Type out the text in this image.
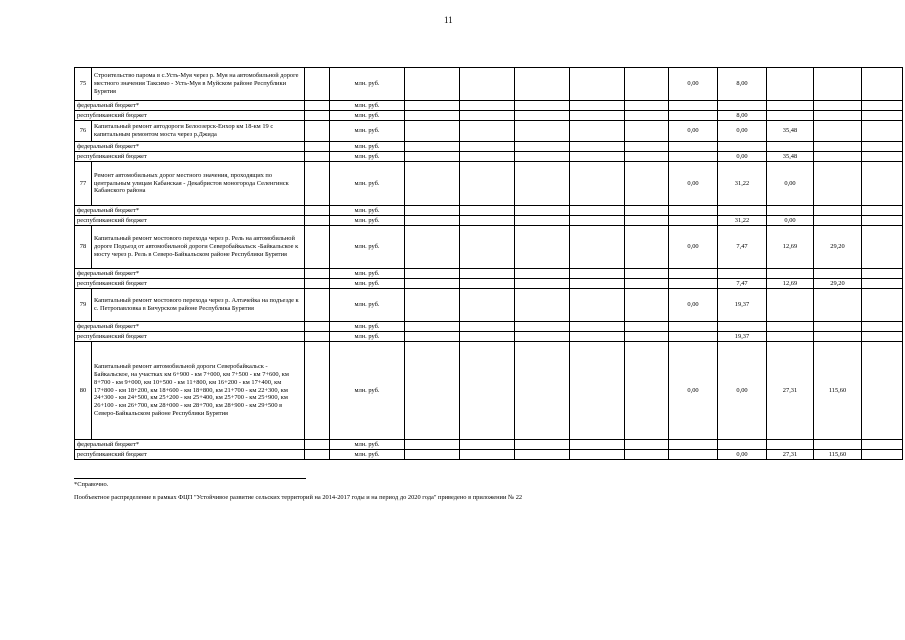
11
75	Строительство парома в с.Усть-Муя через р. Муя на автомобильной дороге местного значения Таксимо - Усть-Муя в Муйском районе Республики Бурятия		млн. руб.						0,00	8,00			
федеральный бюджет*			млн. руб.										
республиканский бюджет			млн. руб.							8,00			
76	Капитальный ремонт автодороги Белоозерск-Енхор км 18-км 19 с капитальным ремонтом моста через р.Джида		млн. руб.						0,00	0,00	35,48		
федеральный бюджет*			млн. руб.										
республиканский бюджет			млн. руб.							0,00	35,48		
77	Ремонт автомобильных дорог местного значения, проходящих по центральным улицам Кабанская - Декабристов моногорода Селенгинск Кабанского района		млн. руб.						0,00	31,22	0,00		
федеральный бюджет*			млн. руб.										
республиканский бюджет			млн. руб.							31,22	0,00		
78	Капитальный ремонт мостового перехода через р. Рель на автомобильной дороге Подъезд от автомобильной дороги Северобайкальск -Байкальское к мосту через р. Рель в Северо-Байкальском районе Республики Бурятия		млн. руб.						0,00	7,47	12,69	29,20	
федеральный бюджет*			млн. руб.										
республиканский бюджет			млн. руб.							7,47	12,69	29,20	
79	Капитальный ремонт мостового перехода через р. Алтачейка на подъезде к с. Петропавловка в Бичурском районе Республика Бурятия		млн. руб.						0,00	19,37			
федеральный бюджет*			млн. руб.										
республиканский бюджет			млн. руб.							19,37			
80	Капитальный ремонт автомобильной дороги Северобайкальск - Байкальское, на участках км 6+900 - км 7+000, км 7+500 - км 7+600, км 8+700 - км 9+000, км 10+500 - км 11+800, км 16+200 - км 17+400, км 17+800 - км 18+200, км 18+600 - км 18+800, км 21+700 - км 22+300, км 24+300 - км 24+500, км 25+200 - км 25+400, км 25+700 - км 25+900, км 26+100 - км 26+700, км 28+000 - км 28+700, км 28+900 - км 29+500 в Северо-Байкальском районе Республики Бурятия		млн. руб.						0,00	0,00	27,31	115,60	
федеральный бюджет*			млн. руб.										
республиканский бюджет			млн. руб.							0,00	27,31	115,60	
*Справочно.
Пообъектное распределение в рамках ФЦП "Устойчивое развитие сельских территорий на 2014-2017 годы и на период до 2020 года" приведено в приложении № 22
